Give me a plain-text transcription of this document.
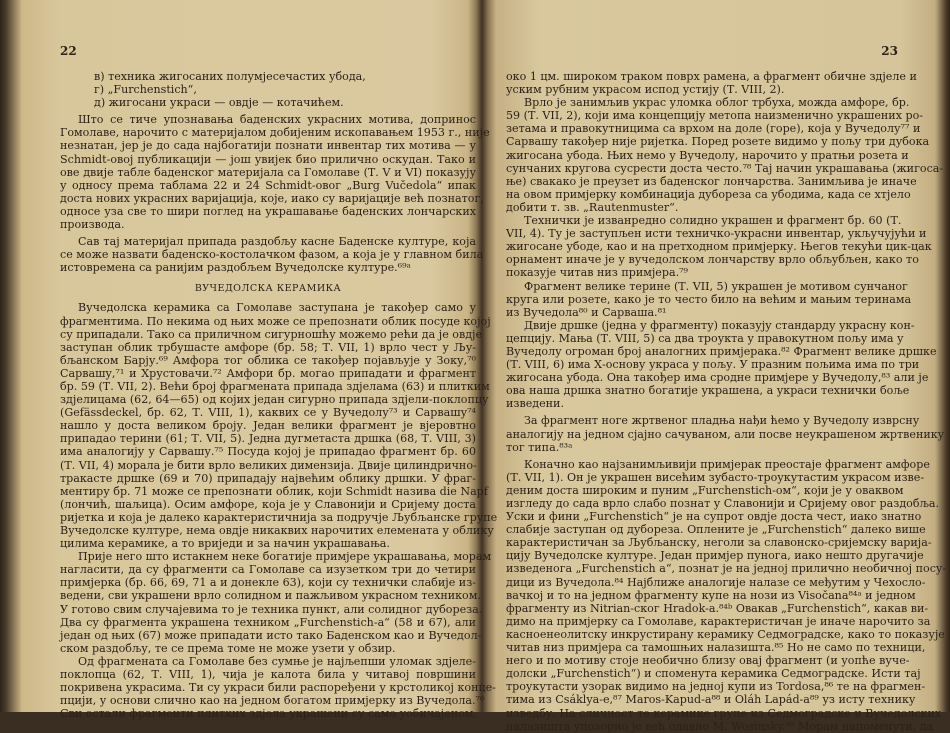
22
в) техника жигосаних полумјесечастих убода,
г) „Furchenstich“,
д) жигосани украси — овдје — котачићем.
Што се тиче упознавања баденских украсних мотива, допринос
Гомолаве, нарочито с материјалом добијеним ископавањем 1953 г., није
незнатан, јер је до сада најбогатији познати инвентар тих мотива — у
Schmidt-овој публикацији — још увијек био прилично оскудан. Тако и
ове двије табле баденског материјала са Гомолаве (Т. V и VI) показују
у односу према таблама 22 и 24 Schmidt-овог „Burg Vučedola“ ипак
доста нових украсних варијација, које, иако су варијације већ познатог,
односе уза све то шири поглед на украшавање баденских лончарских
производа.
Сав тај материјал припада раздобљу касне Баденске културе, која
се може назвати баденско-костолачком фазом, а која је у главном била
истовремена са ранијим раздобљем Вучедолске културе.⁶⁹ᵃ
ВУЧЕДОЛСКА КЕРАМИКА
Вучедолска керамика са Гомолаве заступана је такођер само у
фрагментима. По некима од њих може се препознати облик посуде којој
су припадали. Тако са приличном сигурношћу можемо рећи да је овдје
заступан облик трбушасте амфоре (бр. 58; Т. VII, 1) врло чест у Љу-
бљанском Барју.⁶⁹ Амфора тог облика се такођер појављује у Зоку,⁷⁰
Сарвашу,⁷¹ и Хрустовачи.⁷² Амфори бр. могао припадати и фрагмент
бр. 59 (Т. VII, 2). Већи број фрагмената припада здјелама (63) и плитким
здјелицама (62, 64—65) од којих један сигурно припада здјели-поклопцу
(Gefässdeckel, бр. 62, Т. VIII, 1), каквих се у Вучедолу⁷³ и Сарвашу⁷⁴
нашло у доста великом броју. Један велики фрагмент је вјеровтно
припадао терини (61; Т. VII, 5). Једна дугметаста дршка (68, Т. VIII, 3)
има аналогију у Сарвашу.⁷⁵ Посуда којој је припадао фрагмент бр. 60
(Т. VII, 4) морала је бити врло великих димензија. Двије цилиндрично-
тракасте дршке (69 и 70) припадају највећим облику дршки. У фраг-
ментиру бр. 71 може се препознати облик, који Schmidt назива die Napf
(лончић, шаљица). Осим амфоре, која је у Славонији и Сријему доста
ријетка и која је далеко карактеристичнија за подручје Љубљанске групе
Вучедолске културе, нема овдје никаквих нарочитих елемената у облику
цилима керамике, а то вриједи и за начин украшавања.
Прије него што истакнем неке богатије примјере украшавања, морам
нагласити, да су фрагменти са Гомолаве са изузетком три до четири
примјерка (бр. 66, 69, 71 а и донекле 63), који су технички слабије из-
ведени, сви украшени врло солидном и пажљивом украсном техником.
У готово свим случајевима то је техника пункт, али солидног дубореза.
Два су фрагмента украшена техником „Furchenstich-a“ (58 и 67), али
један од њих (67) може припадати исто тако Баденском као и Вучедол-
ском раздобљу, те се према томе не може узети у обзир.
Од фрагмената са Гомолаве без сумње је најљепши уломак здјеле-
поклопца (62, Т. VIII, 1), чија је калота била у читавој површини
покривена украсима. Ти су украси били распоређени у крстоликој конце-
пцији, у основи слично као на једном богатом примјерку из Вучедола.⁷⁶
Сви остали фрагменти плитких здјела украшени су само уобичајеном,
23
око 1 цм. широком траком поврх рамена, а фрагмент обичне здјеле и
уским рубним украсом испод устију (Т. VIII, 2).
Врло је занимљив украс уломка облог трбуха, можда амфоре, бр.
59 (Т. VII, 2), који има концепцију метопа наизменично украшених ро-
зетама и правокутницима са врхом на доле (горе), која у Вучедолу⁷⁷ и
Сарвашу такођер није ријетка. Поред розете видимо у пољу три дубока
жигосана убода. Њих немо у Вучедолу, нарочито у пратњи розета и
сунчаних кругова сусрести доста често.⁷⁸ Тај начин украшавања (жигоса-
ње) свакако је преузет из баденског лончарства. Занимљива је иначе
на овом примјерку комбинација дубореза са убодима, када се хтјело
добити т. зв. „Rautenmuster“.
Технички је изванредно солидно украшен и фрагмент бр. 60 (Т.
VII, 4). Ту је заступљен исти техничко-украсни инвентар, укључујући и
жигосане убоде, као и на претходном примјерку. Његов текући цик-цак
орнамент иначе је у вучедолском лончарству врло обљубљен, како то
показује читав низ примјера.⁷⁹
Фрагмент велике терине (Т. VII, 5) украшен је мотивом сунчаног
круга или розете, како је то често било на већим и мањим теринама
из Вучедола⁸⁰ и Сарваша.⁸¹
Двије дршке (једна у фрагменту) показују стандарду украсну кон-
цепцију. Мања (Т. VIII, 5) са два троукта у правокутном пољу има у
Вучедолу огроман број аналогних примјерака.⁸² Фрагмент велике дршке
(Т. VIII, 6) има Х-основу украса у пољу. У празним пољима има по три
жигосана убода. Она такођер има сродне примјере у Вучедолу,⁸³ али је
ова наша дршка знатно богатије украшена, а украси технички боље
изведени.
За фрагмент ноге жртвеног пладња нађи ћемо у Вучедолу изврсну
аналогију на једном сјајно сачуваном, али посве неукрашеном жртвенику
тог типа.⁸³ᵃ
Коначно као најзанимљивији примјерак преостаје фрагмент амфоре
(Т. VII, 1). Он је украшен висећим зубасто-троукутастим украсом изве-
деним доста широким и пуним „Furchenstich-ом“, који је у оваквом
изгледу до сада врло слабо познат у Славонији и Сријему овог раздобља.
Уски и фини „Furchenstich“ је на супрот овдје доста чест, иако знатно
слабије заступан од дубореза. Оплените је „Furchenstich“ далеко више
карактеристичан за Љубљанску, неголи за славонско-сријемску варија-
цију Вучедолске културе. Један примјер пунога, иако нешто другачије
изведенога „Furchenstich a“, познат је на једној прилично необичној посу-
дици из Вучедола.⁸⁴ Најближе аналогије налазе се међутим у Чехосло-
вачкој и то на једном фрагменту купе на нози из Visočana⁸⁴ᵃ и једном
фрагменту из Nitrian-ског Hradok-a.⁸⁴ᵇ Овакав „Furchenstich“, какав ви-
димо на примјерку са Гомолаве, карактеристичан је иначе нарочито за
касноенеолитску инкрустирану керамику Седмоградске, како то показује
читав низ примјера са тамошњих налазишта.⁸⁵ Но не само по техници,
него и по мотиву стоје необично близу овај фрагмент (и уопће вуче-
долски „Furchenstich“) и споменута керамика Седмоградске. Исти тај
троукутасти узорак видимо на једној купи из Tordosa,⁸⁶ те на фрагмен-
тима из Csáklya-e,⁸⁷ Maros-Kapud-a⁸⁸ и Oláh Lapád-a⁸⁹ уз исту технику
изведбу. На сличност те керамике групе из Седмоградске и Вучедолских
налазишта упозорио је већ одавно M. Wosinsky.⁹⁰ Морам напоменути, да
